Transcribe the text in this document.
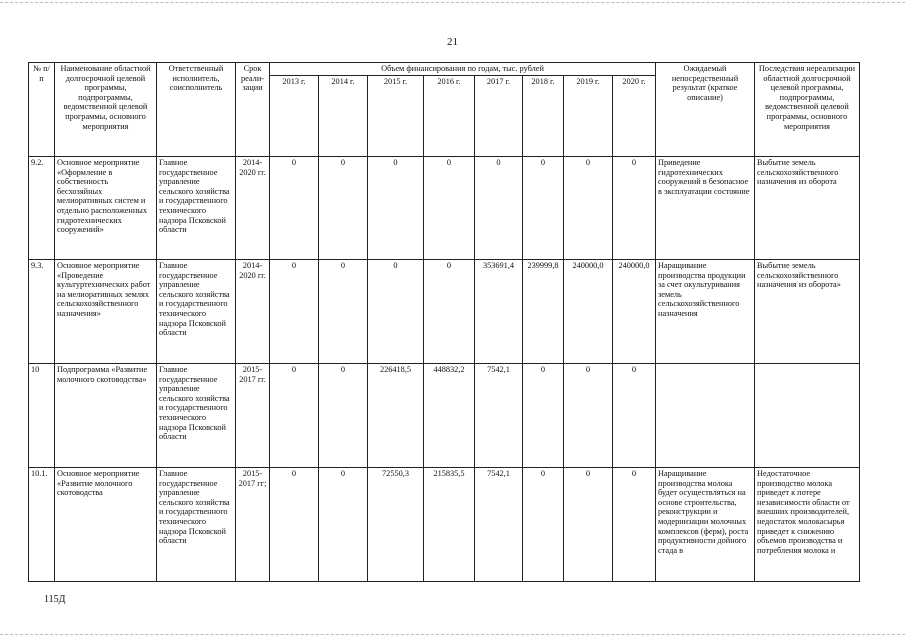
21
№ п/п	Наименование областной долгосрочной целевой программы, подпрограммы, ведомственной целевой программы, основного мероприятия	Ответственный исполнитель, соисполнитель	Срок реали-зации	Объем финансирования по годам, тыс. рублей								Ожидаемый непосредственный результат (краткое описание)	Последствия нереализации областной долгосрочной целевой программы, подпрограммы, ведомственной целевой программы, основного мероприятия
				2013 г.	2014 г.	2015 г.	2016 г.	2017 г.	2018 г.	2019 г.	2020 г.		
9.2.	Основное мероприятие «Оформление в собственность бесхозяйных мелиоративных систем и отдельно расположенных гидротехнических сооружений»	Главное государственное управление сельского хозяйства и государственного технического надзора Псковской области	2014-2020 гг.	0	0	0	0	0	0	0	0	Приведение гидротехнических сооружений в безопасное в эксплуатации состояние	Выбытие земель сельскохозяйственного назначения из оборота
9.3.	Основное мероприятие «Проведение культуртехнических работ на мелиоративных землях сельскохозяйственного назначения»	Главное государственное управление сельского хозяйства и государственного технического надзора Псковской области	2014-2020 гг.	0	0	0	0	353691,4	239999,8	240000,0	240000,0	Наращивание производства продукции за счет окультуривания земель сельскохозяйственного назначения	Выбытие земель сельскохозяйственного назначения из оборота»
10	Подпрограмма «Развитие молочного скотоводства»	Главное государственное управление сельского хозяйства и государственного технического надзора Псковской области	2015-2017 гг.	0	0	226418,5	448832,2	7542,1	0	0	0		
10.1.	Основное мероприятие «Развитие молочного скотоводства	Главное государственное управление сельского хозяйства и государственного технического надзора Псковской области	2015-2017 гг;	0	0	72550,3	215835,5	7542,1	0	0	0	Наращивание производства молока будет осуществляться на основе строительства, реконструкции и модернизации молочных комплексов (ферм), роста продуктивности дойного стада в	Недостаточное производство молока приведет к потере независимости области от внешних производителей, недостаток молокасырья приведет к снижению объемов производства и потребления молока и
115Д
